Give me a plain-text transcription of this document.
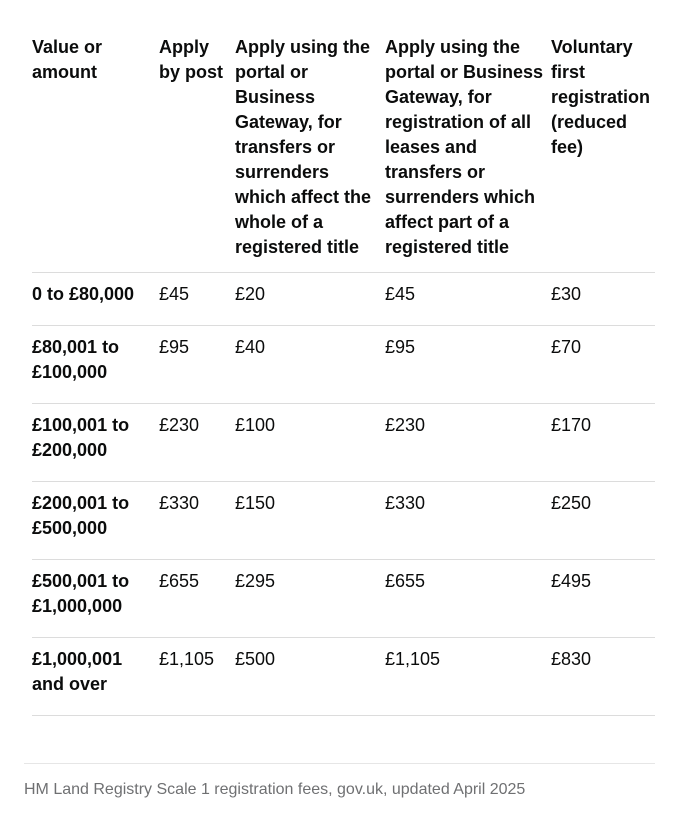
Value or amount	Apply by post	Apply using the portal or Business Gateway, for transfers or surrenders which affect the whole of a registered title	Apply using the portal or Business Gateway, for registration of all leases and transfers or surrenders which affect part of a registered title	Voluntary first registration (reduced fee)
0 to £80,000	£45	£20	£45	£30
£80,001 to £100,000	£95	£40	£95	£70
£100,001 to £200,000	£230	£100	£230	£170
£200,001 to £500,000	£330	£150	£330	£250
£500,001 to £1,000,000	£655	£295	£655	£495
£1,000,001 and over	£1,105	£500	£1,105	£830
HM Land Registry Scale 1 registration fees, gov.uk, updated April 2025
